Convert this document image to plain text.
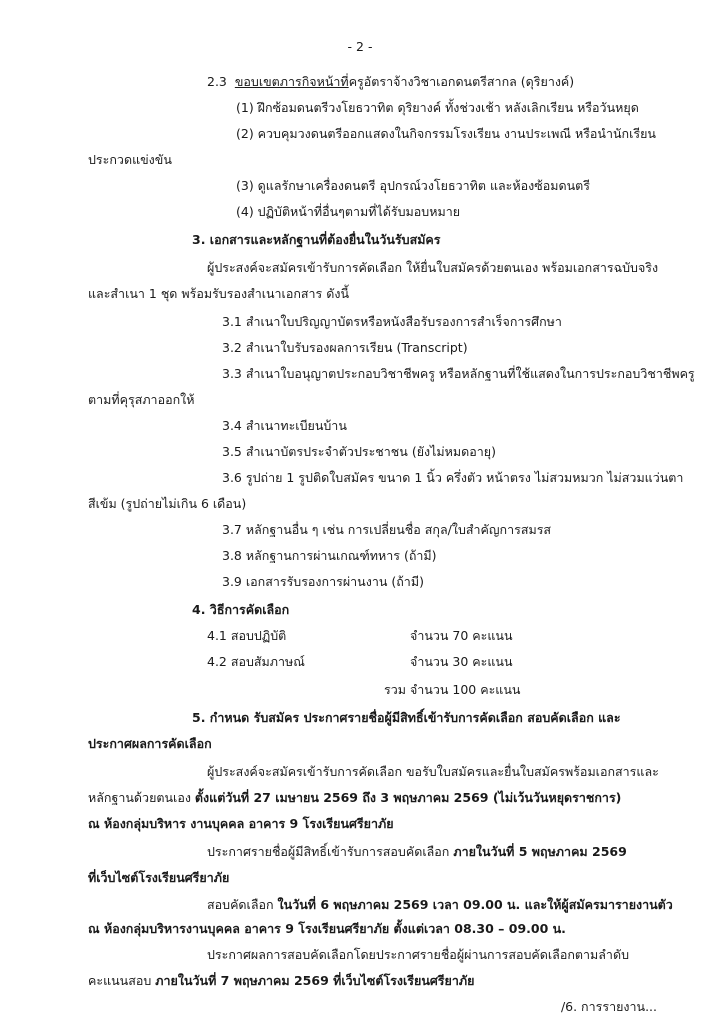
- 2 -
2.3 ขอบเขตภารกิจหน้าที่ครูอัตราจ้างวิชาเอกดนตรีสากล (ดุริยางค์)
(1) ฝึกซ้อมดนตรีวงโยธวาทิต ดุริยางค์ ทั้งช่วงเช้า หลังเลิกเรียน หรือวันหยุด
(2) ควบคุมวงดนตรีออกแสดงในกิจกรรมโรงเรียน งานประเพณี หรือนำนักเรียน
ประกวดแข่งขัน
(3) ดูแลรักษาเครื่องดนตรี อุปกรณ์วงโยธวาทิต และห้องซ้อมดนตรี
(4) ปฏิบัติหน้าที่อื่นๆตามที่ได้รับมอบหมาย
3. เอกสารและหลักฐานที่ต้องยื่นในวันรับสมัคร
ผู้ประสงค์จะสมัครเข้ารับการคัดเลือก ให้ยื่นใบสมัครด้วยตนเอง พร้อมเอกสารฉบับจริง
และสำเนา 1 ชุด พร้อมรับรองสำเนาเอกสาร ดังนี้
3.1 สำเนาใบปริญญาบัตรหรือหนังสือรับรองการสำเร็จการศึกษา
3.2 สำเนาใบรับรองผลการเรียน (Transcript)
3.3 สำเนาใบอนุญาตประกอบวิชาชีพครู หรือหลักฐานที่ใช้แสดงในการประกอบวิชาชีพครู
ตามที่คุรุสภาออกให้
3.4 สำเนาทะเบียนบ้าน
3.5 สำเนาบัตรประจำตัวประชาชน (ยังไม่หมดอายุ)
3.6 รูปถ่าย 1 รูปติดใบสมัคร ขนาด 1 นิ้ว ครึ่งตัว หน้าตรง ไม่สวมหมวก ไม่สวมแว่นตา
สีเข้ม (รูปถ่ายไม่เกิน 6 เดือน)
3.7 หลักฐานอื่น ๆ เช่น การเปลี่ยนชื่อ สกุล/ใบสำคัญการสมรส
3.8 หลักฐานการผ่านเกณฑ์ทหาร (ถ้ามี)
3.9 เอกสารรับรองการผ่านงาน (ถ้ามี)
4. วิธีการคัดเลือก
4.1 สอบปฏิบัติ	จำนวน 70 คะแนน
4.2 สอบสัมภาษณ์	จำนวน 30 คะแนน
รวม จำนวน 100 คะแนน
5. กำหนด รับสมัคร ประกาศรายชื่อผู้มีสิทธิ์เข้ารับการคัดเลือก สอบคัดเลือก และ
ประกาศผลการคัดเลือก
ผู้ประสงค์จะสมัครเข้ารับการคัดเลือก ขอรับใบสมัครและยื่นใบสมัครพร้อมเอกสารและ
หลักฐานด้วยตนเอง ตั้งแต่วันที่ 27 เมษายน 2569 ถึง 3 พฤษภาคม 2569 (ไม่เว้นวันหยุดราชการ)
ณ ห้องกลุ่มบริหาร งานบุคคล อาคาร 9 โรงเรียนศรียาภัย
ประกาศรายชื่อผู้มีสิทธิ์เข้ารับการสอบคัดเลือก ภายในวันที่ 5 พฤษภาคม 2569
ที่เว็บไซต์โรงเรียนศรียาภัย
สอบคัดเลือก ในวันที่ 6 พฤษภาคม 2569 เวลา 09.00 น. และให้ผู้สมัครมารายงานตัว
ณ ห้องกลุ่มบริหารงานบุคคล อาคาร 9 โรงเรียนศรียาภัย ตั้งแต่เวลา 08.30 – 09.00 น.
ประกาศผลการสอบคัดเลือกโดยประกาศรายชื่อผู้ผ่านการสอบคัดเลือกตามลำดับ
คะแนนสอบ ภายในวันที่ 7 พฤษภาคม 2569 ที่เว็บไซต์โรงเรียนศรียาภัย
/6. การรายงาน...
